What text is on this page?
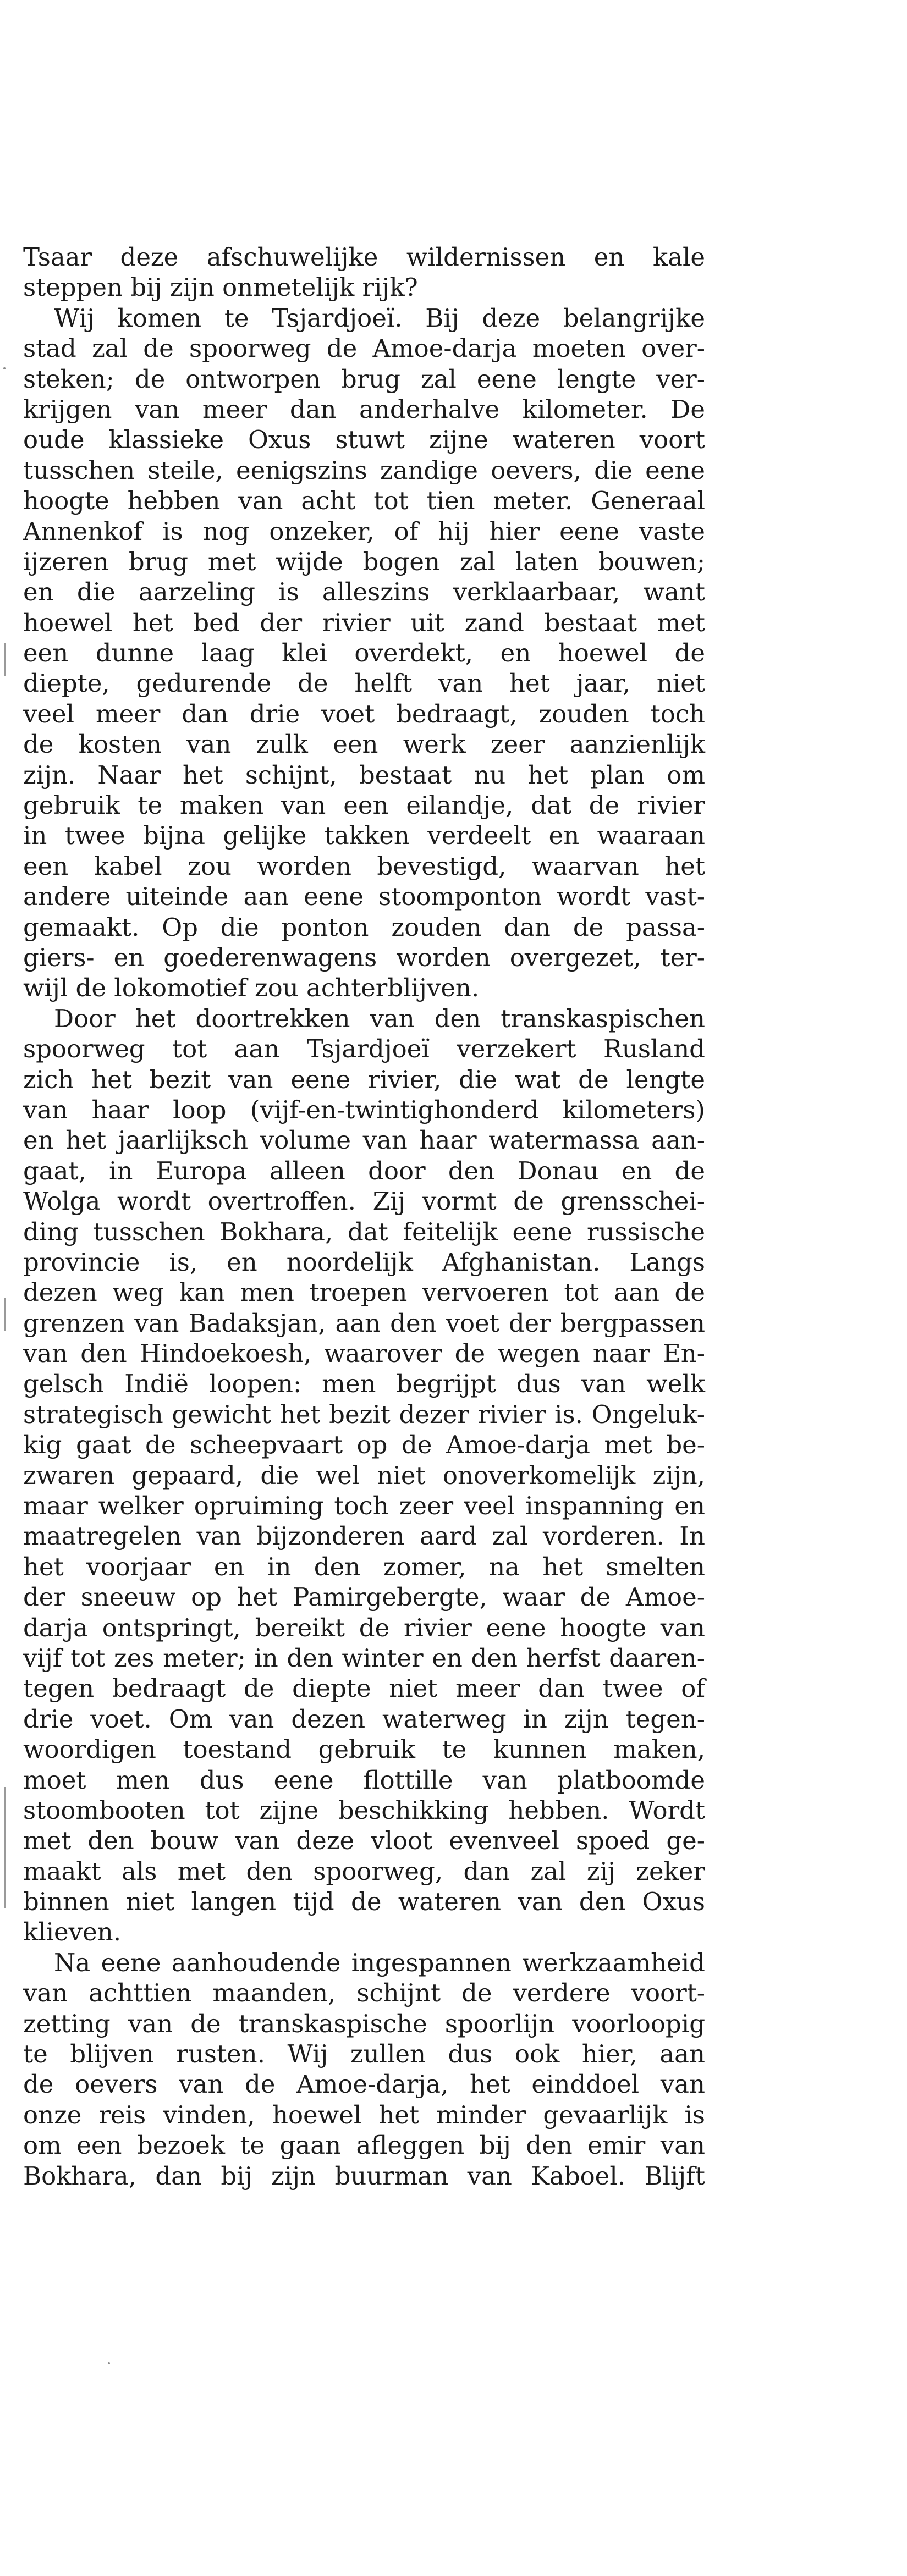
Tsaar deze afschuwelijke wildernissen en kale
steppen bij zijn onmetelijk rijk?
Wij komen te Tsjardjoeï. Bij deze belangrijke
stad zal de spoorweg de Amoe-darja moeten over-
steken; de ontworpen brug zal eene lengte ver-
krijgen van meer dan anderhalve kilometer. De
oude klassieke Oxus stuwt zijne wateren voort
tusschen steile, eenigszins zandige oevers, die eene
hoogte hebben van acht tot tien meter. Generaal
Annenkof is nog onzeker, of hij hier eene vaste
ijzeren brug met wijde bogen zal laten bouwen;
en die aarzeling is alleszins verklaarbaar, want
hoewel het bed der rivier uit zand bestaat met
een dunne laag klei overdekt, en hoewel de
diepte, gedurende de helft van het jaar, niet
veel meer dan drie voet bedraagt, zouden toch
de kosten van zulk een werk zeer aanzienlijk
zijn. Naar het schijnt, bestaat nu het plan om
gebruik te maken van een eilandje, dat de rivier
in twee bijna gelijke takken verdeelt en waaraan
een kabel zou worden bevestigd, waarvan het
andere uiteinde aan eene stoomponton wordt vast-
gemaakt. Op die ponton zouden dan de passa-
giers- en goederenwagens worden overgezet, ter-
wijl de lokomotief zou achterblijven.
Door het doortrekken van den transkaspischen
spoorweg tot aan Tsjardjoeï verzekert Rusland
zich het bezit van eene rivier, die wat de lengte
van haar loop (vijf-en-twintighonderd kilometers)
en het jaarlijksch volume van haar watermassa aan-
gaat, in Europa alleen door den Donau en de
Wolga wordt overtroffen. Zij vormt de grensschei-
ding tusschen Bokhara, dat feitelijk eene russische
provincie is, en noordelijk Afghanistan. Langs
dezen weg kan men troepen vervoeren tot aan de
grenzen van Badaksjan, aan den voet der bergpassen
van den Hindoekoesh, waarover de wegen naar En-
gelsch Indië loopen: men begrijpt dus van welk
strategisch gewicht het bezit dezer rivier is. Ongeluk-
kig gaat de scheepvaart op de Amoe-darja met be-
zwaren gepaard, die wel niet onoverkomelijk zijn,
maar welker opruiming toch zeer veel inspanning en
maatregelen van bijzonderen aard zal vorderen. In
het voorjaar en in den zomer, na het smelten
der sneeuw op het Pamirgebergte, waar de Amoe-
darja ontspringt, bereikt de rivier eene hoogte van
vijf tot zes meter; in den winter en den herfst daaren-
tegen bedraagt de diepte niet meer dan twee of
drie voet. Om van dezen waterweg in zijn tegen-
woordigen toestand gebruik te kunnen maken,
moet men dus eene flottille van platboomde
stoombooten tot zijne beschikking hebben. Wordt
met den bouw van deze vloot evenveel spoed ge-
maakt als met den spoorweg, dan zal zij zeker
binnen niet langen tijd de wateren van den Oxus
klieven.
Na eene aanhoudende ingespannen werkzaamheid
van achttien maanden, schijnt de verdere voort-
zetting van de transkaspische spoorlijn voorloopig
te blijven rusten. Wij zullen dus ook hier, aan
de oevers van de Amoe-darja, het einddoel van
onze reis vinden, hoewel het minder gevaarlijk is
om een bezoek te gaan afleggen bij den emir van
Bokhara, dan bij zijn buurman van Kaboel. Blijft
